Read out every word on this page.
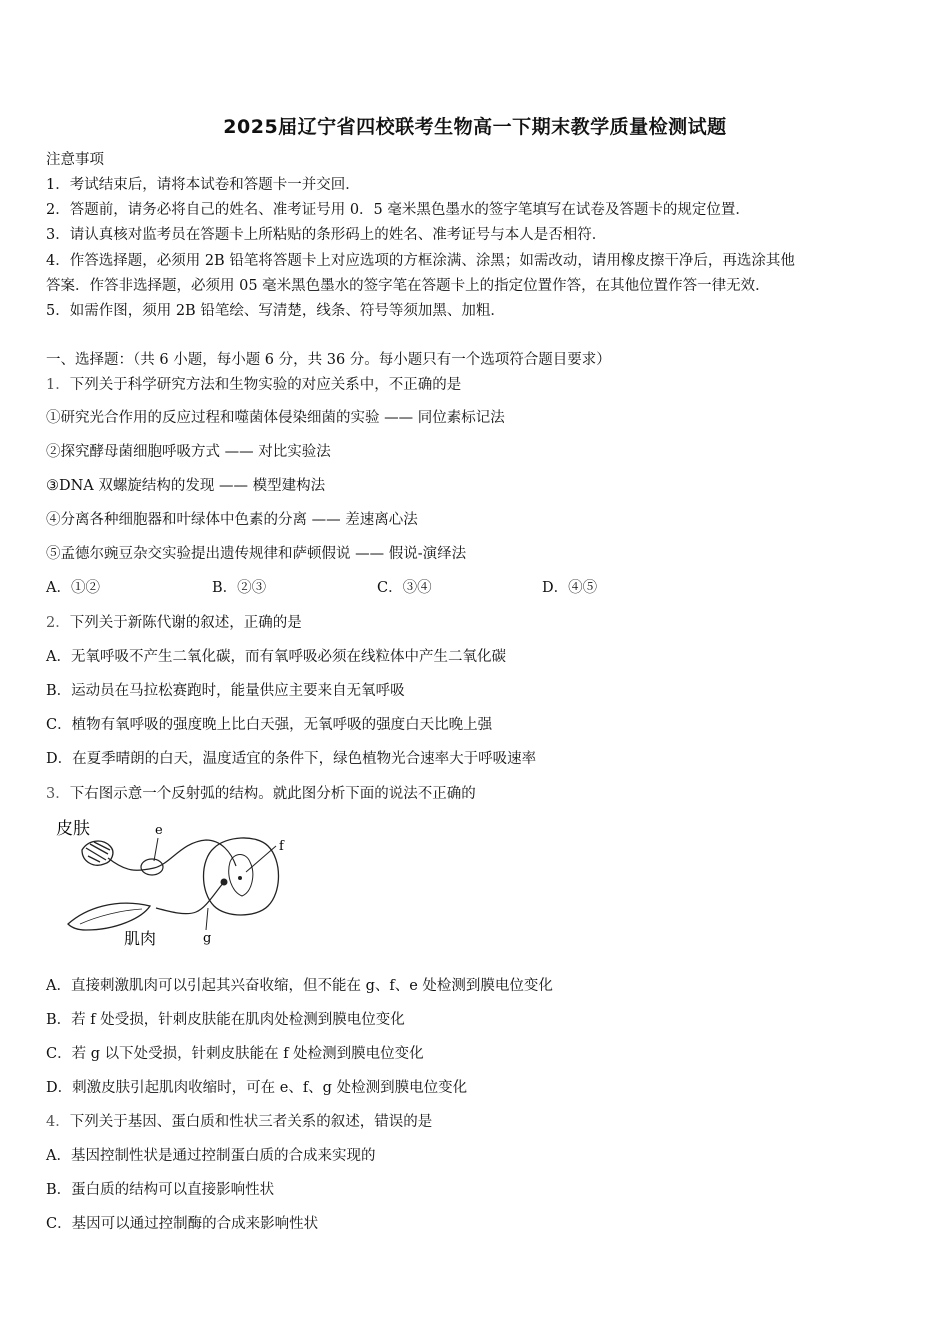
2025届辽宁省四校联考生物高一下期末教学质量检测试题
注意事项
1．考试结束后，请将本试卷和答题卡一并交回．
2．答题前，请务必将自己的姓名、准考证号用 0．5 毫米黑色墨水的签字笔填写在试卷及答题卡的规定位置．
3．请认真核对监考员在答题卡上所粘贴的条形码上的姓名、准考证号与本人是否相符．
4．作答选择题，必须用 2B 铅笔将答题卡上对应选项的方框涂满、涂黑；如需改动，请用橡皮擦干净后，再选涂其他
答案．作答非选择题，必须用 05 毫米黑色墨水的签字笔在答题卡上的指定位置作答，在其他位置作答一律无效．
5．如需作图，须用 2B 铅笔绘、写清楚，线条、符号等须加黑、加粗．
一、选择题：（共 6 小题，每小题 6 分，共 36 分。每小题只有一个选项符合题目要求）
1．下列关于科学研究方法和生物实验的对应关系中，不正确的是
①研究光合作用的反应过程和噬菌体侵染细菌的实验 —— 同位素标记法
②探究酵母菌细胞呼吸方式 —— 对比实验法
③DNA 双螺旋结构的发现 —— 模型建构法
④分离各种细胞器和叶绿体中色素的分离 —— 差速离心法
⑤孟德尔豌豆杂交实验提出遗传规律和萨顿假说 —— 假说-演绎法
A．①②	B．②③	C．③④	D．④⑤
2．下列关于新陈代谢的叙述，正确的是
A．无氧呼吸不产生二氧化碳，而有氧呼吸必须在线粒体中产生二氧化碳
B．运动员在马拉松赛跑时，能量供应主要来自无氧呼吸
C．植物有氧呼吸的强度晚上比白天强，无氧呼吸的强度白天比晚上强
D．在夏季晴朗的白天，温度适宜的条件下，绿色植物光合速率大于呼吸速率
3．下右图示意一个反射弧的结构。就此图分析下面的说法不正确的
皮肤	e
f
g
肌肉
A．直接刺激肌肉可以引起其兴奋收缩，但不能在 g、f、e 处检测到膜电位变化
B．若 f 处受损，针刺皮肤能在肌肉处检测到膜电位变化
C．若 g 以下处受损，针刺皮肤能在 f 处检测到膜电位变化
D．刺激皮肤引起肌肉收缩时，可在 e、f、g 处检测到膜电位变化
4．下列关于基因、蛋白质和性状三者关系的叙述，错误的是
A．基因控制性状是通过控制蛋白质的合成来实现的
B．蛋白质的结构可以直接影响性状
C．基因可以通过控制酶的合成来影响性状
